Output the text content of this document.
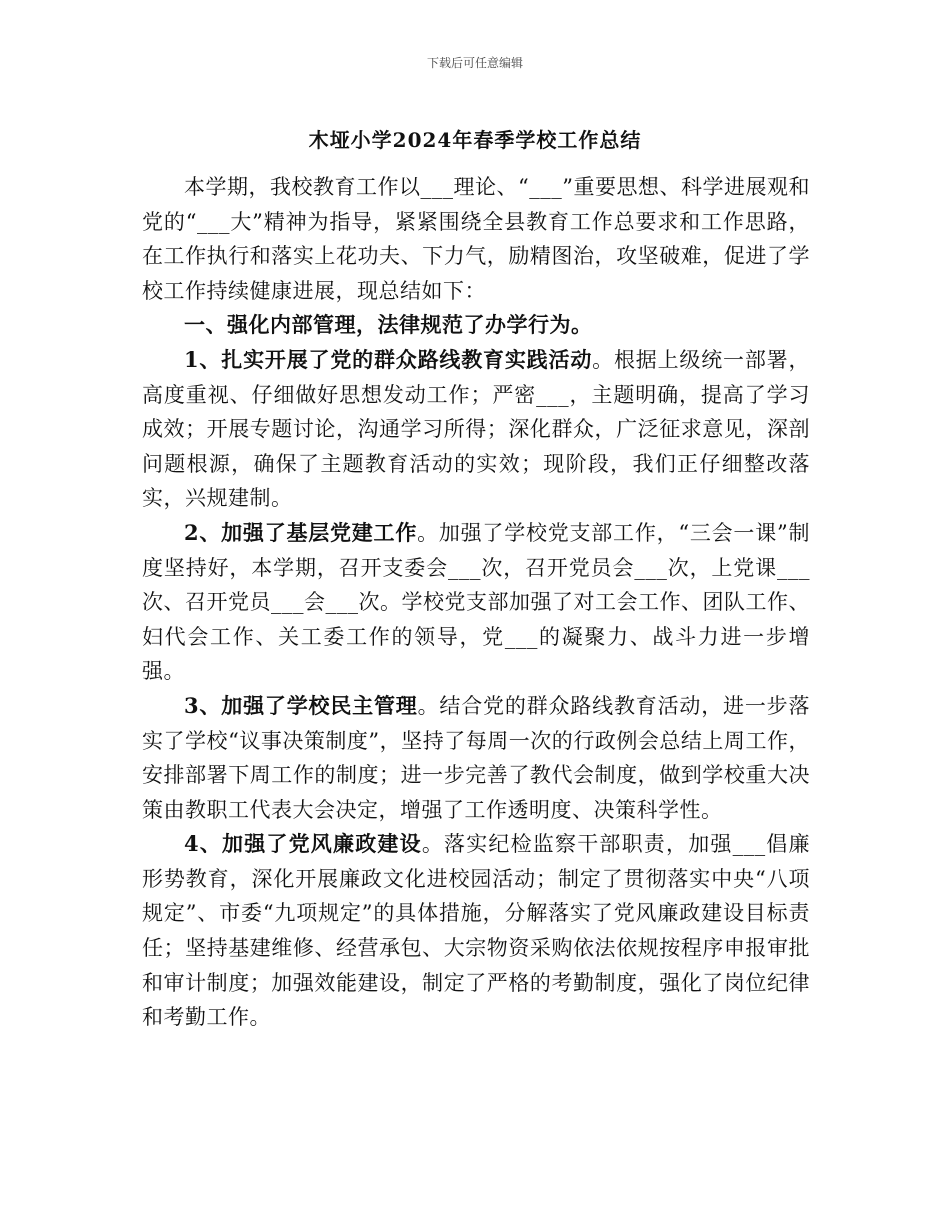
下载后可任意编辑
木垭小学2024年春季学校工作总结

本学期，我校教育工作以___理论、“___”重要思想、科学进展观和党的“___大”精神为指导，紧紧围绕全县教育工作总要求和工作思路，在工作执行和落实上花功夫、下力气，励精图治，攻坚破难，促进了学校工作持续健康进展，现总结如下：

一、强化内部管理，法律规范了办学行为。

1、扎实开展了党的群众路线教育实践活动。根据上级统一部署，高度重视、仔细做好思想发动工作；严密___，主题明确，提高了学习成效；开展专题讨论，沟通学习所得；深化群众，广泛征求意见，深剖问题根源，确保了主题教育活动的实效；现阶段，我们正仔细整改落实，兴规建制。

2、加强了基层党建工作。加强了学校党支部工作，“三会一课”制度坚持好，本学期，召开支委会___次，召开党员会___次，上党课___次、召开党员___会___次。学校党支部加强了对工会工作、团队工作、妇代会工作、关工委工作的领导，党___的凝聚力、战斗力进一步增强。

3、加强了学校民主管理。结合党的群众路线教育活动，进一步落实了学校“议事决策制度”，坚持了每周一次的行政例会总结上周工作，安排部署下周工作的制度；进一步完善了教代会制度，做到学校重大决策由教职工代表大会决定，增强了工作透明度、决策科学性。

4、加强了党风廉政建设。落实纪检监察干部职责，加强___倡廉形势教育，深化开展廉政文化进校园活动；制定了贯彻落实中央“八项规定”、市委“九项规定”的具体措施，分解落实了党风廉政建设目标责任；坚持基建维修、经营承包、大宗物资采购依法依规按程序申报审批和审计制度；加强效能建设，制定了严格的考勤制度，强化了岗位纪律和考勤工作。
